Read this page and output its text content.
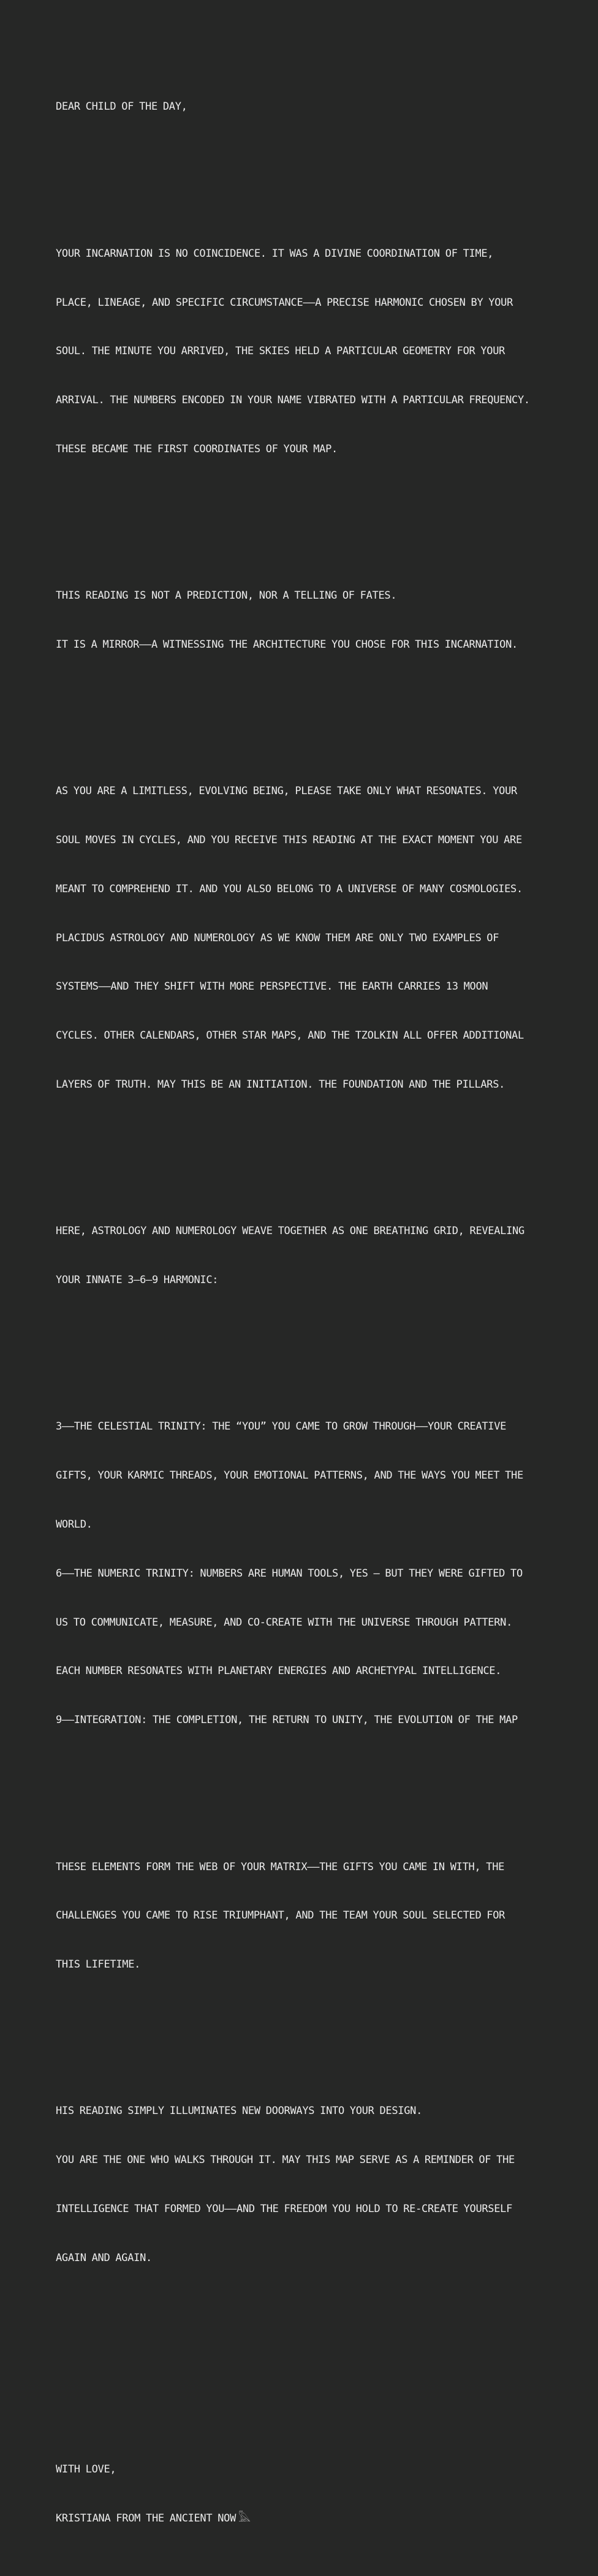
DEAR CHILD OF THE DAY,

YOUR INCARNATION IS NO COINCIDENCE. IT WAS A DIVINE COORDINATION OF TIME,

PLACE, LINEAGE, AND SPECIFIC CIRCUMSTANCE——A PRECISE HARMONIC CHOSEN BY YOUR

SOUL. THE MINUTE YOU ARRIVED, THE SKIES HELD A PARTICULAR GEOMETRY FOR YOUR

ARRIVAL. THE NUMBERS ENCODED IN YOUR NAME VIBRATED WITH A PARTICULAR FREQUENCY.

THESE BECAME THE FIRST COORDINATES OF YOUR MAP.

THIS READING IS NOT A PREDICTION, NOR A TELLING OF FATES.

IT IS A MIRROR——A WITNESSING THE ARCHITECTURE YOU CHOSE FOR THIS INCARNATION.

AS YOU ARE A LIMITLESS, EVOLVING BEING, PLEASE TAKE ONLY WHAT RESONATES. YOUR

SOUL MOVES IN CYCLES, AND YOU RECEIVE THIS READING AT THE EXACT MOMENT YOU ARE

MEANT TO COMPREHEND IT. AND YOU ALSO BELONG TO A UNIVERSE OF MANY COSMOLOGIES.

PLACIDUS ASTROLOGY AND NUMEROLOGY AS WE KNOW THEM ARE ONLY TWO EXAMPLES OF

SYSTEMS——AND THEY SHIFT WITH MORE PERSPECTIVE. THE EARTH CARRIES 13 MOON

CYCLES. OTHER CALENDARS, OTHER STAR MAPS, AND THE TZOLKIN ALL OFFER ADDITIONAL

LAYERS OF TRUTH. MAY THIS BE AN INITIATION. THE FOUNDATION AND THE PILLARS.

HERE, ASTROLOGY AND NUMEROLOGY WEAVE TOGETHER AS ONE BREATHING GRID, REVEALING

YOUR INNATE 3–6–9 HARMONIC:

3——THE CELESTIAL TRINITY: THE “YOU” YOU CAME TO GROW THROUGH——YOUR CREATIVE

GIFTS, YOUR KARMIC THREADS, YOUR EMOTIONAL PATTERNS, AND THE WAYS YOU MEET THE

WORLD.

6——THE NUMERIC TRINITY: NUMBERS ARE HUMAN TOOLS, YES — BUT THEY WERE GIFTED TO

US TO COMMUNICATE, MEASURE, AND CO-CREATE WITH THE UNIVERSE THROUGH PATTERN.

EACH NUMBER RESONATES WITH PLANETARY ENERGIES AND ARCHETYPAL INTELLIGENCE.

9——INTEGRATION: THE COMPLETION, THE RETURN TO UNITY, THE EVOLUTION OF THE MAP

THESE ELEMENTS FORM THE WEB OF YOUR MATRIX——THE GIFTS YOU CAME IN WITH, THE

CHALLENGES YOU CAME TO RISE TRIUMPHANT, AND THE TEAM YOUR SOUL SELECTED FOR

THIS LIFETIME.

HIS READING SIMPLY ILLUMINATES NEW DOORWAYS INTO YOUR DESIGN.

YOU ARE THE ONE WHO WALKS THROUGH IT. MAY THIS MAP SERVE AS A REMINDER OF THE

INTELLIGENCE THAT FORMED YOU——AND THE FREEDOM YOU HOLD TO RE-CREATE YOURSELF

AGAIN AND AGAIN.

WITH LOVE,

KRISTIANA FROM THE ANCIENT NOW 𓅓
